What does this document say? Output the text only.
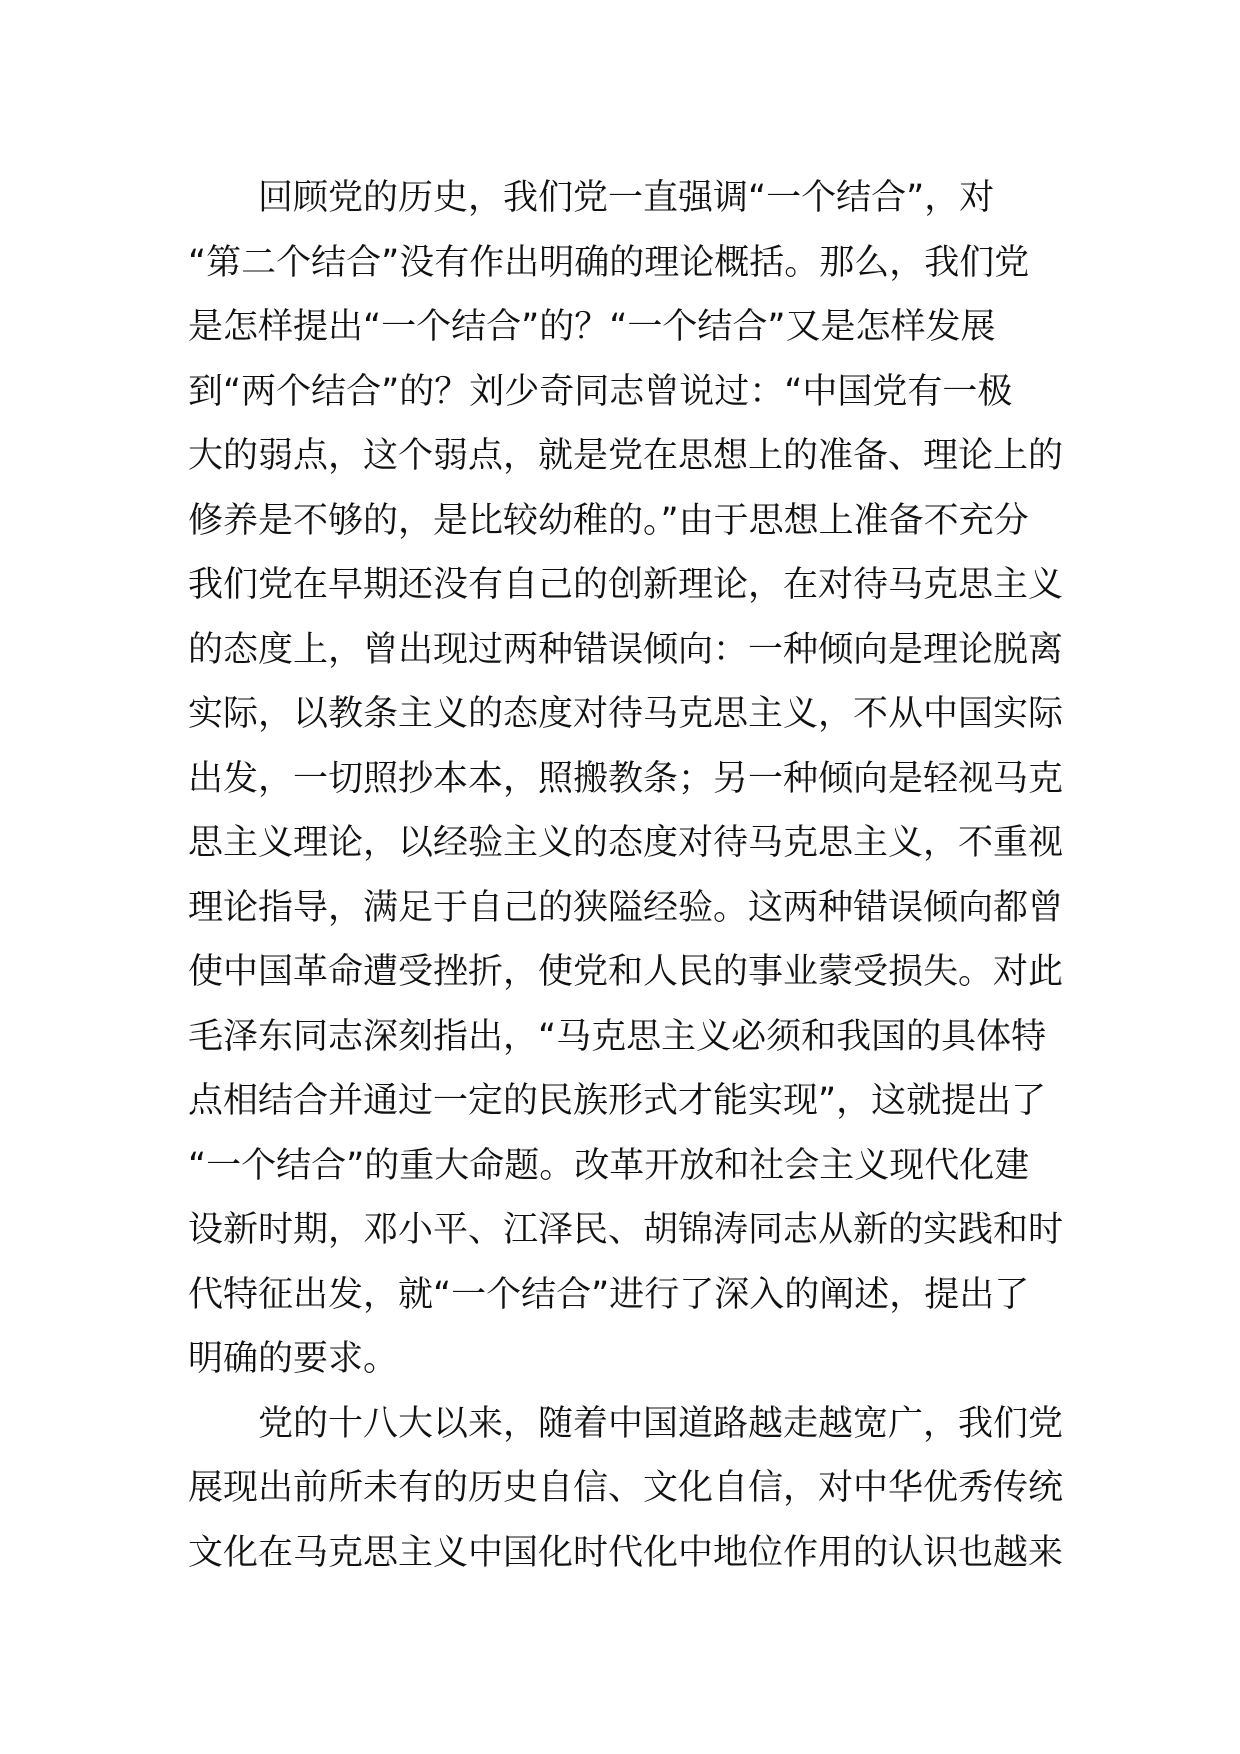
　　回顾党的历史，我们党一直强调“一个结合”，对
“第二个结合”没有作出明确的理论概括。那么，我们党
是怎样提出“一个结合”的？“一个结合”又是怎样发展
到“两个结合”的？刘少奇同志曾说过：“中国党有一极
大的弱点，这个弱点，就是党在思想上的准备、理论上的
修养是不够的，是比较幼稚的。”由于思想上准备不充分
我们党在早期还没有自己的创新理论，在对待马克思主义
的态度上，曾出现过两种错误倾向：一种倾向是理论脱离
实际，以教条主义的态度对待马克思主义，不从中国实际
出发，一切照抄本本，照搬教条；另一种倾向是轻视马克
思主义理论，以经验主义的态度对待马克思主义，不重视
理论指导，满足于自己的狭隘经验。这两种错误倾向都曾
使中国革命遭受挫折，使党和人民的事业蒙受损失。对此
毛泽东同志深刻指出，“马克思主义必须和我国的具体特
点相结合并通过一定的民族形式才能实现”，这就提出了
“一个结合”的重大命题。改革开放和社会主义现代化建
设新时期，邓小平、江泽民、胡锦涛同志从新的实践和时
代特征出发，就“一个结合”进行了深入的阐述，提出了
明确的要求。
　　党的十八大以来，随着中国道路越走越宽广，我们党
展现出前所未有的历史自信、文化自信，对中华优秀传统
文化在马克思主义中国化时代化中地位作用的认识也越来
